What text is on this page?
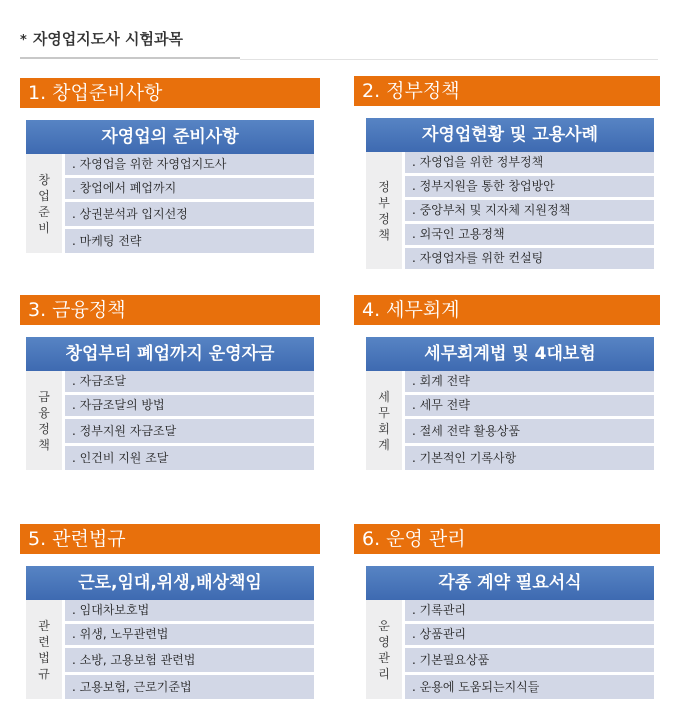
* 자영업지도사 시험과목
1. 창업준비사항
자영업의 준비사항
창업준비
. 자영업을 위한 자영업지도사
. 창업에서 폐업까지
. 상권분석과 입지선정
. 마케팅 전략
2. 정부정책
자영업현황 및 고용사례
정부정책
. 자영업을 위한 정부정책
. 정부지원을 통한 창업방안
. 중앙부처 및 지자체 지원정책
. 외국인 고용정책
. 자영업자를 위한 컨설팅
3. 금융정책
창업부터 폐업까지 운영자금
금융정책
. 자금조달
. 자금조달의 방법
. 정부지원 자금조달
. 인건비 지원 조달
4. 세무회계
세무회계법 및 4대보험
세무회계
. 회계 전략
. 세무 전략
. 절세 전략 활용상품
. 기본적인 기록사항
5. 관련법규
근로,임대,위생,배상책임
관련법규
. 임대차보호법
. 위생, 노무관련법
. 소방, 고용보험 관련법
. 고용보험, 근로기준법
6. 운영 관리
각종 계약 필요서식
운영관리
. 기록관리
. 상품관리
. 기본필요상품
. 운용에 도움되는지식들
